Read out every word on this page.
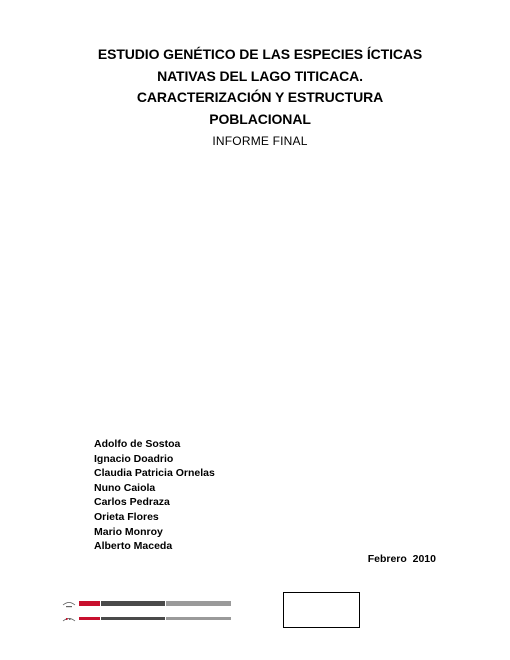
ESTUDIO GENÉTICO DE LAS ESPECIES ÍCTICAS
NATIVAS DEL LAGO TITICACA.
CARACTERIZACIÓN Y ESTRUCTURA
POBLACIONAL
INFORME FINAL
Adolfo de Sostoa
Ignacio Doadrio
Claudia Patricia Ornelas
Nuno Caiola
Carlos Pedraza
Orieta Flores
Mario Monroy
Alberto Maceda

Febrero  2010
